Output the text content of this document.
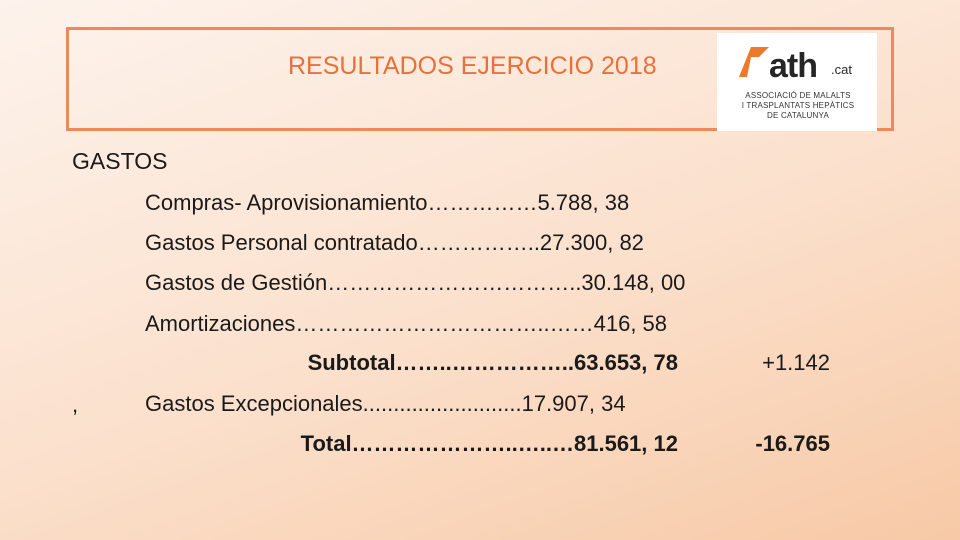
RESULTADOS EJERCICIO 2018	ath .cat
ASSOCIACIÓ DE MALALTS
I TRASPLANTATS HEPÀTICS
DE CATALUNYA
GASTOS
Compras- Aprovisionamiento……………5.788, 38
Gastos Personal contratado……………..27.300, 82
Gastos de Gestión……………………………..30.148, 00
Amortizaciones……………………………..……416, 58
Subtotal……..……………..63.653, 78	+1.142
,	Gastos Excepcionales..........................17.907, 34
Total…………………..…..…81.561, 12	-16.765
